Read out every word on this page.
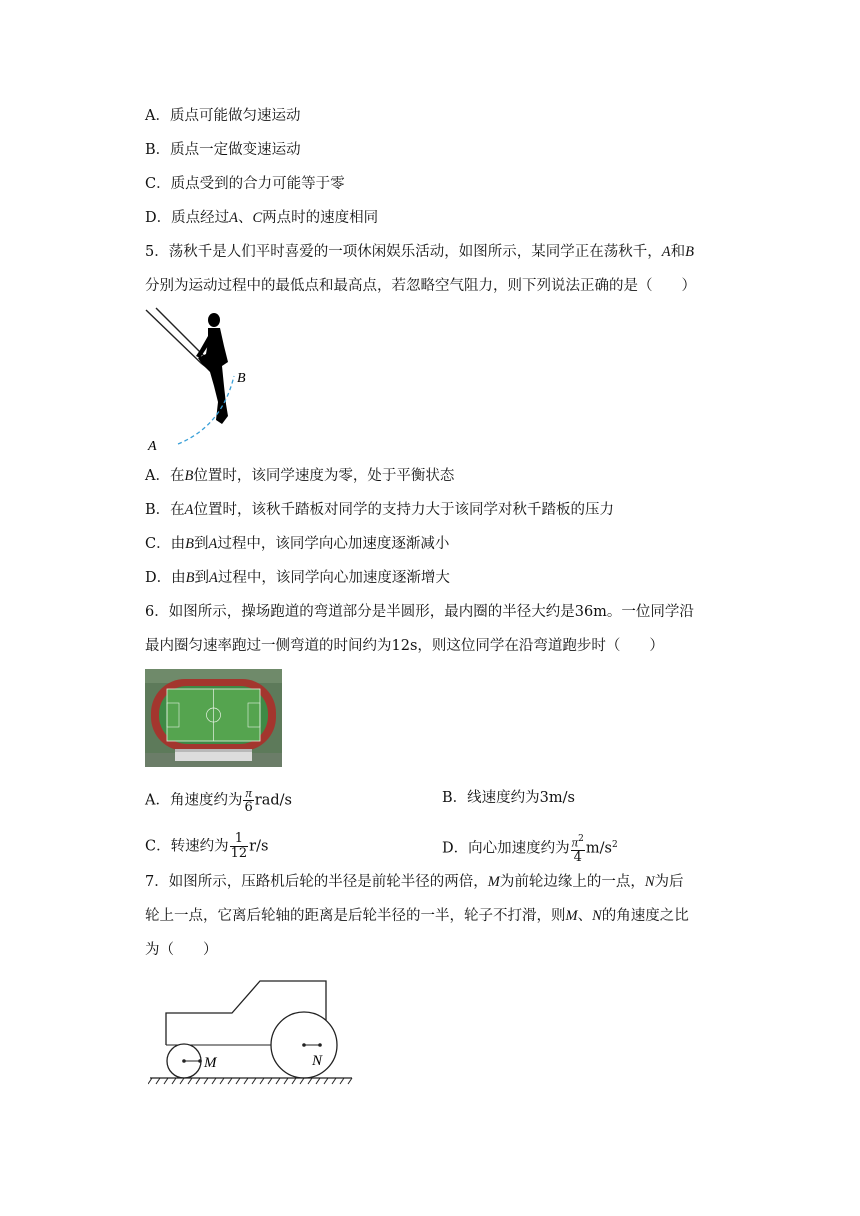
A．质点可能做匀速运动
B．质点一定做变速运动
C．质点受到的合力可能等于零
D．质点经过A、C两点时的速度相同
5．荡秋千是人们平时喜爱的一项休闲娱乐活动，如图所示，某同学正在荡秋千，A和B
分别为运动过程中的最低点和最高点，若忽略空气阻力，则下列说法正确的是（　　）
B
A
A．在B位置时，该同学速度为零，处于平衡状态
B．在A位置时，该秋千踏板对同学的支持力大于该同学对秋千踏板的压力
C．由B到A过程中，该同学向心加速度逐渐减小
D．由B到A过程中，该同学向心加速度逐渐增大
6．如图所示，操场跑道的弯道部分是半圆形，最内圈的半径大约是36m。一位同学沿
最内圈匀速率跑过一侧弯道的时间约为12s，则这位同学在沿弯道跑步时（　　）
A．角速度约为 $\frac{\pi}{6} rad/s$	B．线速度约为3m/s
C．转速约为 $\frac{1}{12} r/s$	D．向心加速度约为 $\frac{\pi^2}{4} m/s^2$
7．如图所示，压路机后轮的半径是前轮半径的两倍，M为前轮边缘上的一点，N为后
轮上一点，它离后轮轴的距离是后轮半径的一半，轮子不打滑，则M、N的角速度之比
为（　　）
M	N
